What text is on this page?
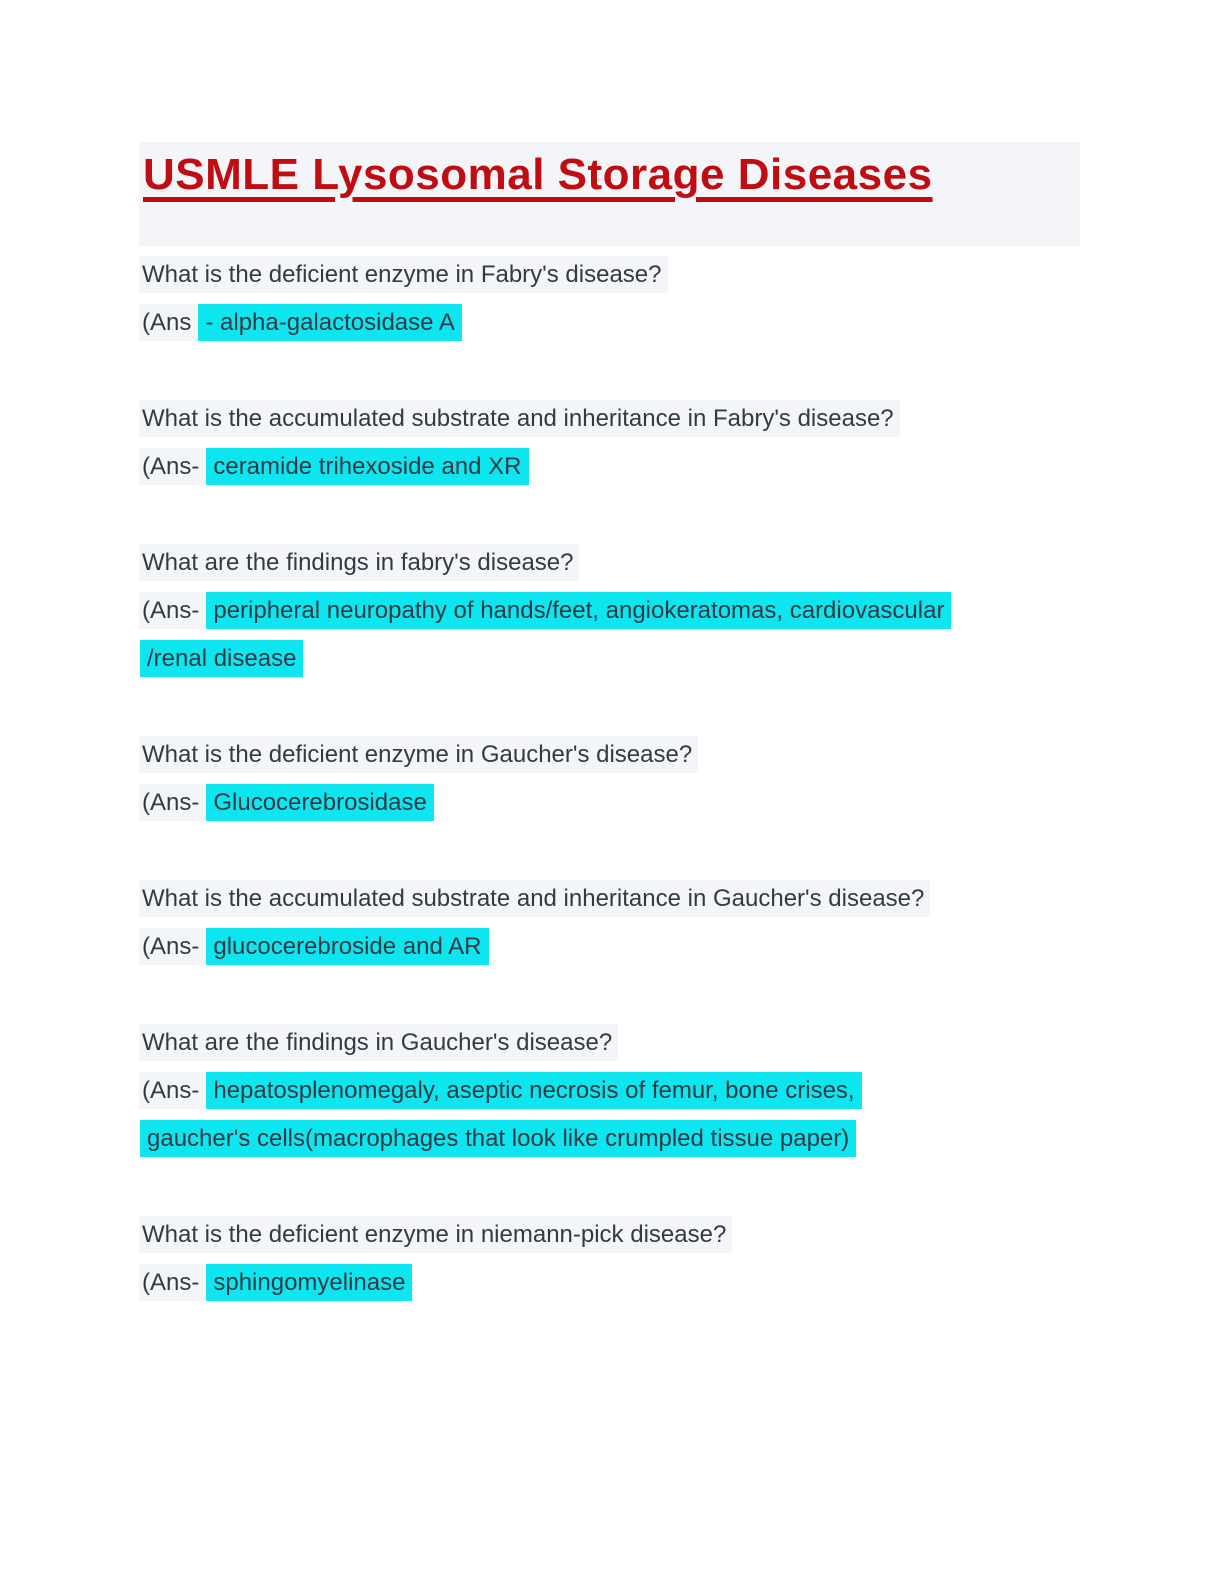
USMLE Lysosomal Storage Diseases

What is the deficient enzyme in Fabry's disease?

(Ans - alpha-galactosidase A

What is the accumulated substrate and inheritance in Fabry's disease?

(Ans- ceramide trihexoside and XR

What are the findings in fabry's disease?

(Ans- peripheral neuropathy of hands/feet, angiokeratomas, cardiovascular

/renal disease

What is the deficient enzyme in Gaucher's disease?

(Ans- Glucocerebrosidase

What is the accumulated substrate and inheritance in Gaucher's disease?

(Ans- glucocerebroside and AR

What are the findings in Gaucher's disease?

(Ans- hepatosplenomegaly, aseptic necrosis of femur, bone crises,

gaucher's cells(macrophages that look like crumpled tissue paper)

What is the deficient enzyme in niemann-pick disease?

(Ans- sphingomyelinase
